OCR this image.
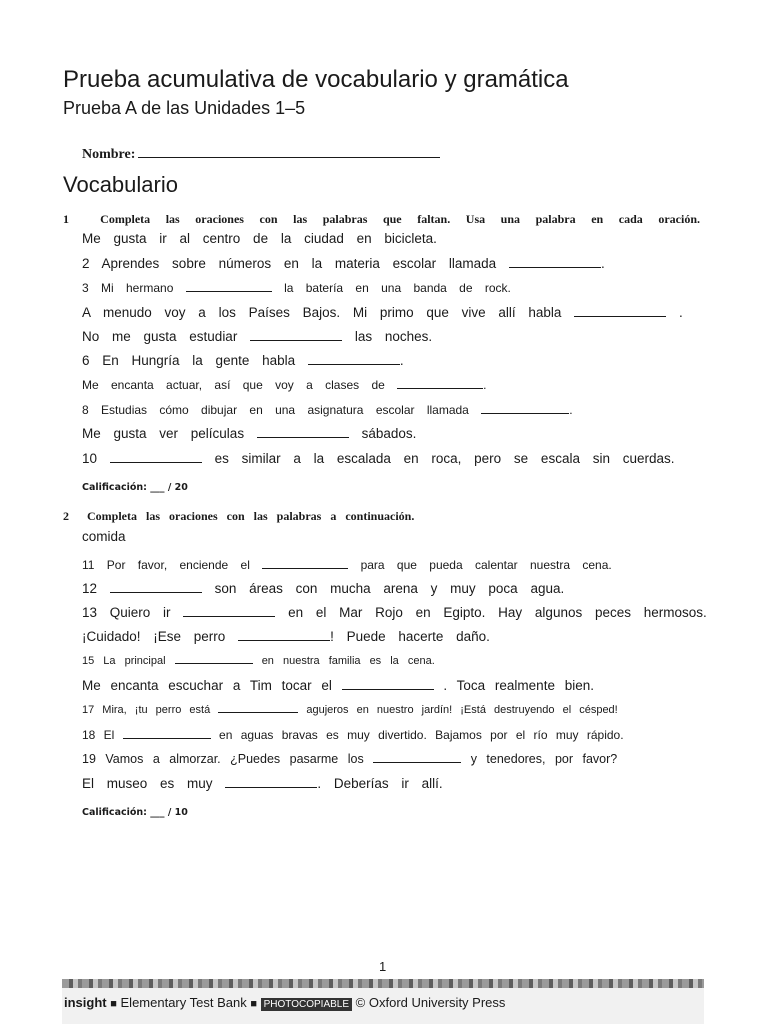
Prueba acumulativa de vocabulario y gramática
Prueba A de las Unidades 1–5
Nombre:
Vocabulario
1	Completa las oraciones con las palabras que faltan. Usa una palabra en cada oración.
Me gusta ir al centro de la ciudad en bicicleta.
2 Aprendes sobre números en la materia escolar llamada	.
3 Mi hermano	la batería en una banda de rock.
A menudo voy a los Países Bajos. Mi primo que vive allí habla	.
No me gusta estudiar	las noches.
6 En Hungría la gente habla	.
Me encanta actuar, así que voy a clases de	.
8 Estudias cómo dibujar en una asignatura escolar llamada	.
Me gusta ver películas	sábados.
10	es similar a la escalada en roca, pero se escala sin cuerdas.
Calificación: ___ / 20
2 Completa las oraciones con las palabras a continuación.
comida
11 Por favor, enciende el	para que pueda calentar nuestra cena.
12	son áreas con mucha arena y muy poca agua.
13 Quiero ir	en el Mar Rojo en Egipto. Hay algunos peces hermosos.
¡Cuidado! ¡Ese perro	! Puede hacerte daño.
15 La principal	en nuestra familia es la cena.
Me encanta escuchar a Tim tocar el	. Toca realmente bien.
17 Mira, ¡tu perro está	agujeros en nuestro jardín! ¡Está destruyendo el césped!
18 El	en aguas bravas es muy divertido. Bajamos por el río muy rápido.
19 Vamos a almorzar. ¿Puedes pasarme los	y tenedores, por favor?
El museo es muy	. Deberías ir allí.
Calificación: ___ / 10
1
insight ■ Elementary Test Bank ■ PHOTOCOPIABLE © Oxford University Press
